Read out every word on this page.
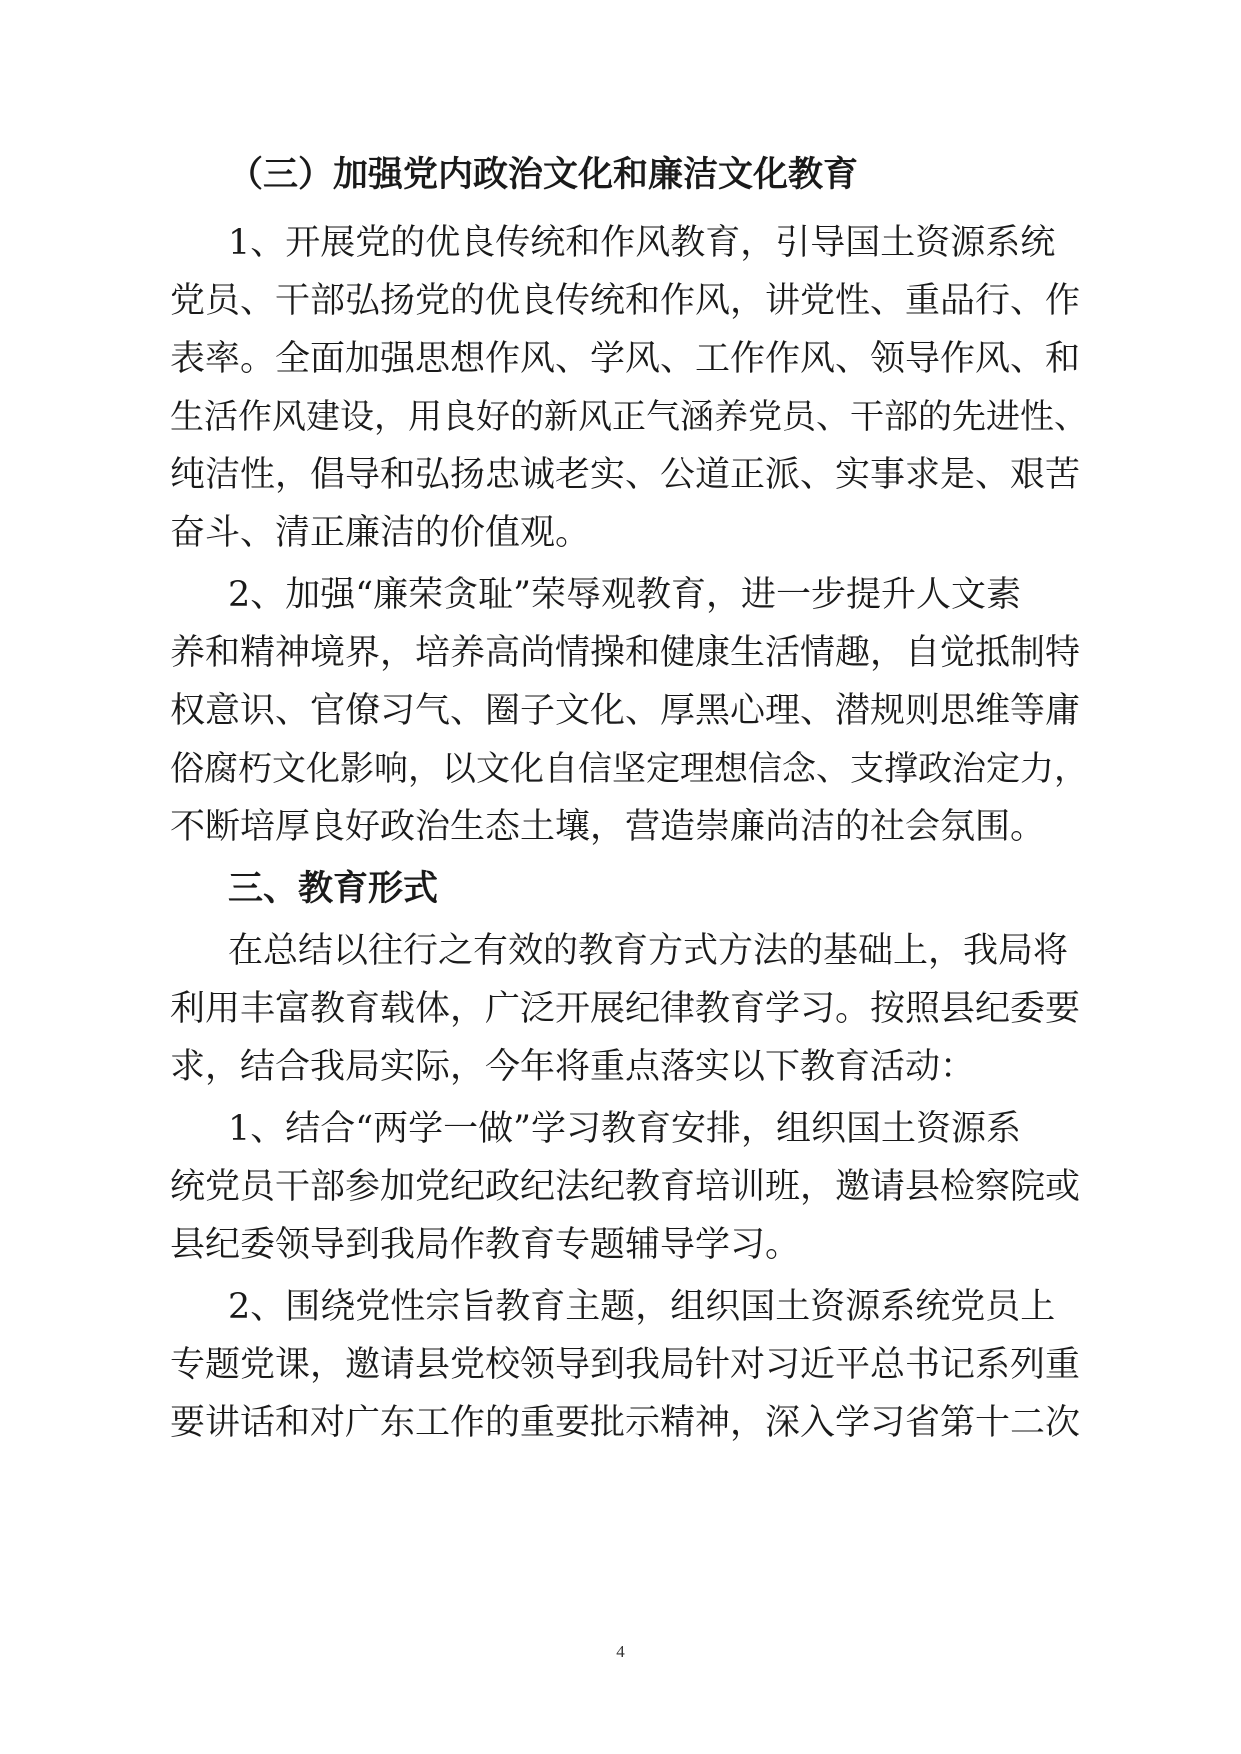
（三）加强党内政治文化和廉洁文化教育
1、开展党的优良传统和作风教育，引导国土资源系统
党员、干部弘扬党的优良传统和作风，讲党性、重品行、作
表率。全面加强思想作风、学风、工作作风、领导作风、和
生活作风建设，用良好的新风正气涵养党员、干部的先进性、
纯洁性，倡导和弘扬忠诚老实、公道正派、实事求是、艰苦
奋斗、清正廉洁的价值观。
2、加强“廉荣贪耻”荣辱观教育，进一步提升人文素
养和精神境界，培养高尚情操和健康生活情趣，自觉抵制特
权意识、官僚习气、圈子文化、厚黑心理、潜规则思维等庸
俗腐朽文化影响，以文化自信坚定理想信念、支撑政治定力，
不断培厚良好政治生态土壤，营造崇廉尚洁的社会氛围。
三、教育形式
在总结以往行之有效的教育方式方法的基础上，我局将
利用丰富教育载体，广泛开展纪律教育学习。按照县纪委要
求，结合我局实际，今年将重点落实以下教育活动：
1、结合“两学一做”学习教育安排，组织国土资源系
统党员干部参加党纪政纪法纪教育培训班，邀请县检察院或
县纪委领导到我局作教育专题辅导学习。
2、围绕党性宗旨教育主题，组织国土资源系统党员上
专题党课，邀请县党校领导到我局针对习近平总书记系列重
要讲话和对广东工作的重要批示精神，深入学习省第十二次
4
